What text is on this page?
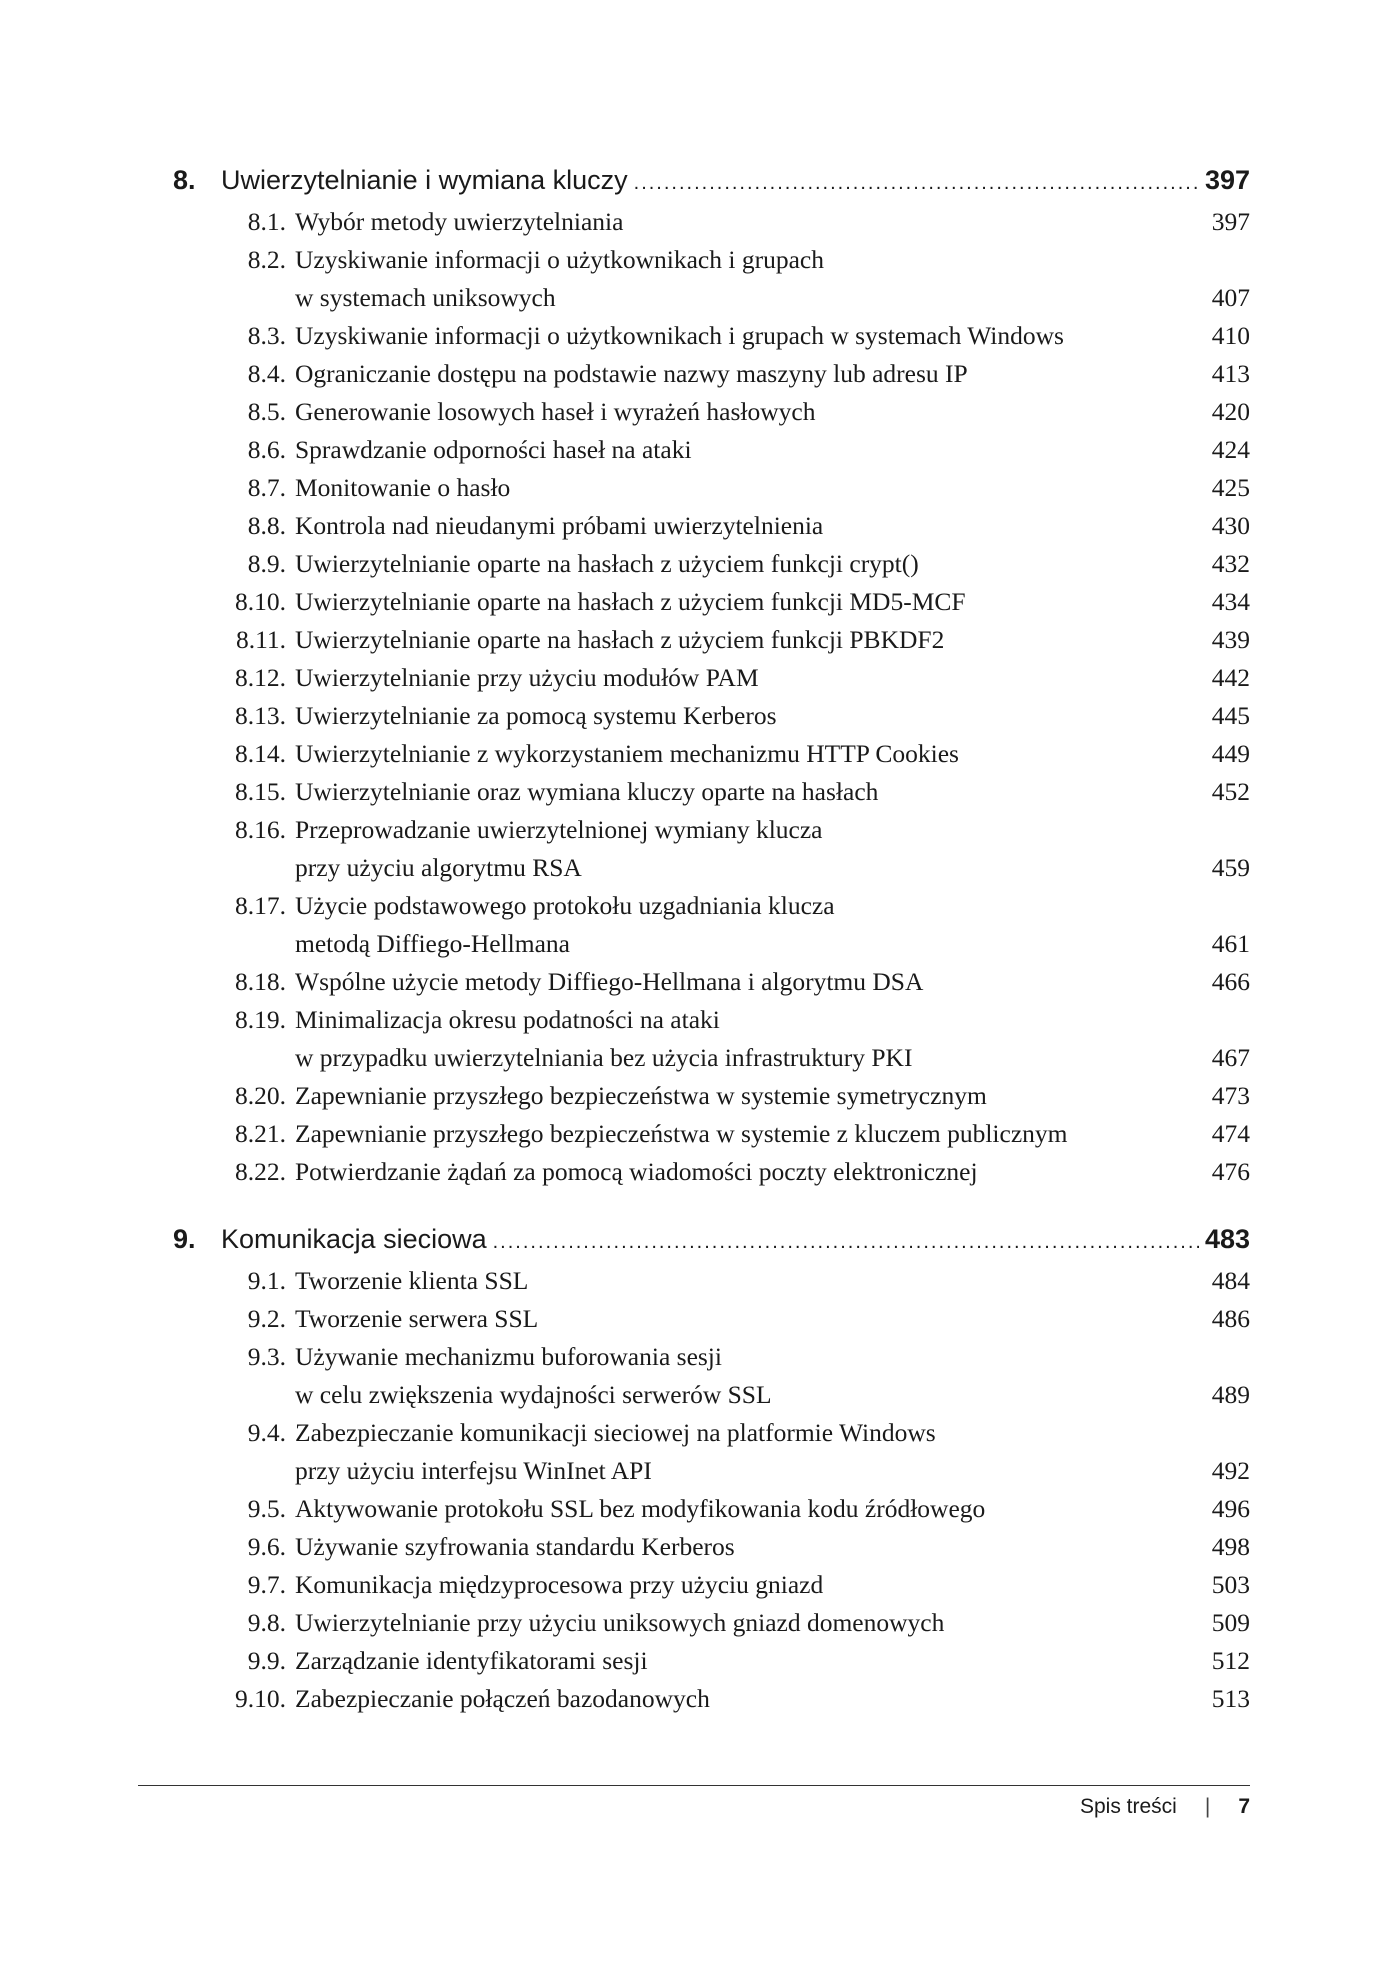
8. Uwierzytelnianie i wymiana kluczy .....	397
8.1. Wybór metody uwierzytelniania	397
8.2. Uzyskiwanie informacji o użytkownikach i grupach
w systemach uniksowych	407
8.3. Uzyskiwanie informacji o użytkownikach i grupach w systemach Windows	410
8.4. Ograniczanie dostępu na podstawie nazwy maszyny lub adresu IP	413
8.5. Generowanie losowych haseł i wyrażeń hasłowych	420
8.6. Sprawdzanie odporności haseł na ataki	424
8.7. Monitowanie o hasło	425
8.8. Kontrola nad nieudanymi próbami uwierzytelnienia	430
8.9. Uwierzytelnianie oparte na hasłach z użyciem funkcji crypt()	432
8.10. Uwierzytelnianie oparte na hasłach z użyciem funkcji MD5-MCF	434
8.11. Uwierzytelnianie oparte na hasłach z użyciem funkcji PBKDF2	439
8.12. Uwierzytelnianie przy użyciu modułów PAM	442
8.13. Uwierzytelnianie za pomocą systemu Kerberos	445
8.14. Uwierzytelnianie z wykorzystaniem mechanizmu HTTP Cookies	449
8.15. Uwierzytelnianie oraz wymiana kluczy oparte na hasłach	452
8.16. Przeprowadzanie uwierzytelnionej wymiany klucza
przy użyciu algorytmu RSA	459
8.17. Użycie podstawowego protokołu uzgadniania klucza
metodą Diffiego-Hellmana	461
8.18. Wspólne użycie metody Diffiego-Hellmana i algorytmu DSA	466
8.19. Minimalizacja okresu podatności na ataki
w przypadku uwierzytelniania bez użycia infrastruktury PKI	467
8.20. Zapewnianie przyszłego bezpieczeństwa w systemie symetrycznym	473
8.21. Zapewnianie przyszłego bezpieczeństwa w systemie z kluczem publicznym	474
8.22. Potwierdzanie żądań za pomocą wiadomości poczty elektronicznej	476
9. Komunikacja sieciowa .....	483
9.1. Tworzenie klienta SSL	484
9.2. Tworzenie serwera SSL	486
9.3. Używanie mechanizmu buforowania sesji
w celu zwiększenia wydajności serwerów SSL	489
9.4. Zabezpieczanie komunikacji sieciowej na platformie Windows
przy użyciu interfejsu WinInet API	492
9.5. Aktywowanie protokołu SSL bez modyfikowania kodu źródłowego	496
9.6. Używanie szyfrowania standardu Kerberos	498
9.7. Komunikacja międzyprocesowa przy użyciu gniazd	503
9.8. Uwierzytelnianie przy użyciu uniksowych gniazd domenowych	509
9.9. Zarządzanie identyfikatorami sesji	512
9.10. Zabezpieczanie połączeń bazodanowych	513
Spis treści | 7
